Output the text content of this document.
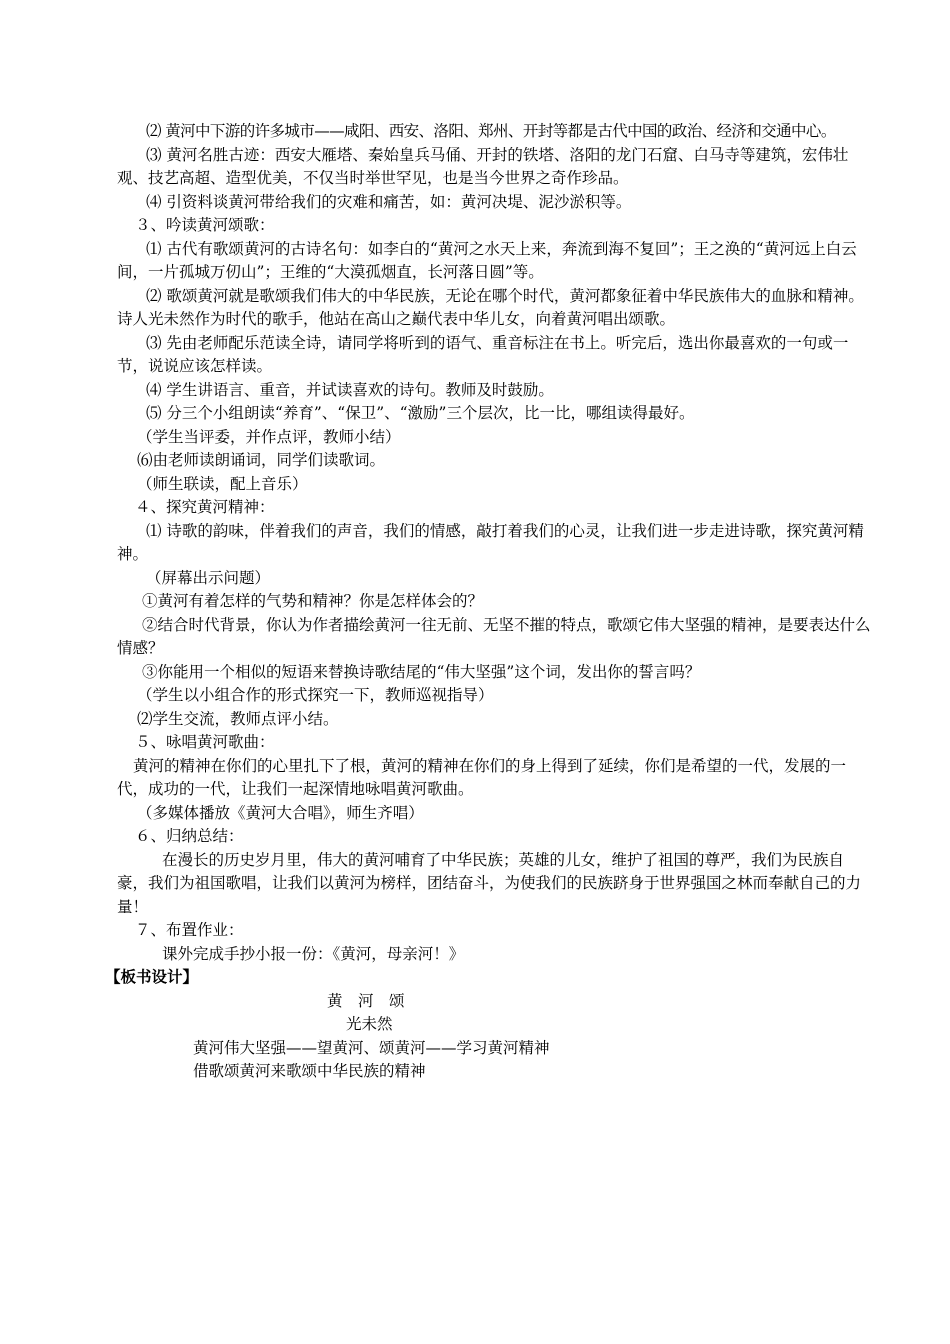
⑵ 黄河中下游的许多城市——咸阳、西安、洛阳、郑州、开封等都是古代中国的政治、经济和交通中心。

⑶ 黄河名胜古迹：西安大雁塔、秦始皇兵马俑、开封的铁塔、洛阳的龙门石窟、白马寺等建筑，宏伟壮观、技艺高超、造型优美，不仅当时举世罕见，也是当今世界之奇作珍品。

⑷ 引资料谈黄河带给我们的灾难和痛苦，如：黄河决堤、泥沙淤积等。

３、吟读黄河颂歌：

⑴ 古代有歌颂黄河的古诗名句：如李白的“黄河之水天上来，奔流到海不复回”；王之涣的“黄河远上白云间，一片孤城万仞山”；王维的“大漠孤烟直，长河落日圆”等。

⑵ 歌颂黄河就是歌颂我们伟大的中华民族，无论在哪个时代，黄河都象征着中华民族伟大的血脉和精神。诗人光未然作为时代的歌手，他站在高山之巅代表中华儿女，向着黄河唱出颂歌。

⑶ 先由老师配乐范读全诗，请同学将听到的语气、重音标注在书上。听完后，选出你最喜欢的一句或一节，说说应该怎样读。

⑷ 学生讲语言、重音，并试读喜欢的诗句。教师及时鼓励。

⑸ 分三个小组朗读“养育”、“保卫”、“激励”三个层次，比一比，哪组读得最好。

（学生当评委，并作点评，教师小结）

⑹由老师读朗诵词，同学们读歌词。

（师生联读，配上音乐）

４、探究黄河精神：

⑴ 诗歌的韵味，伴着我们的声音，我们的情感，敲打着我们的心灵，让我们进一步走进诗歌，探究黄河精神。

（屏幕出示问题）

①黄河有着怎样的气势和精神？你是怎样体会的？

②结合时代背景，你认为作者描绘黄河一往无前、无坚不摧的特点，歌颂它伟大坚强的精神，是要表达什么情感？

③你能用一个相似的短语来替换诗歌结尾的“伟大坚强”这个词，发出你的誓言吗？

（学生以小组合作的形式探究一下，教师巡视指导）

⑵学生交流，教师点评小结。

５、咏唱黄河歌曲：

黄河的精神在你们的心里扎下了根，黄河的精神在你们的身上得到了延续，你们是希望的一代，发展的一代，成功的一代，让我们一起深情地咏唱黄河歌曲。

（多媒体播放《黄河大合唱》，师生齐唱）

６、归纳总结：

在漫长的历史岁月里，伟大的黄河哺育了中华民族；英雄的儿女，维护了祖国的尊严，我们为民族自豪，我们为祖国歌唱，让我们以黄河为榜样，团结奋斗，为使我们的民族跻身于世界强国之林而奉献自己的力量！

７、布置作业：

课外完成手抄小报一份：《黄河，母亲河！》

【板书设计】

黄　河　颂

光未然

黄河伟大坚强——望黄河、颂黄河——学习黄河精神

借歌颂黄河来歌颂中华民族的精神
